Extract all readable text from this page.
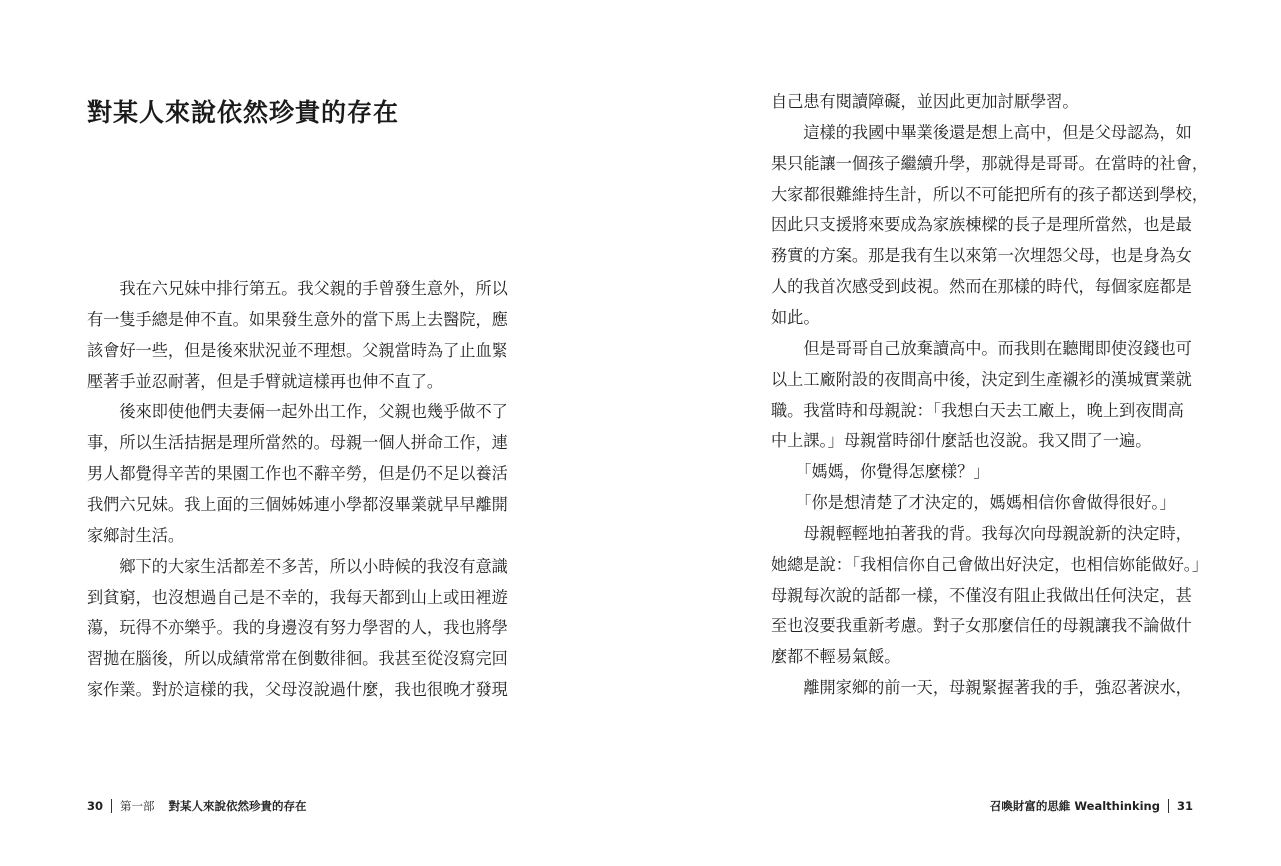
對某人來說依然珍貴的存在

　　我在六兄妹中排行第五。我父親的手曾發生意外，所以

有一隻手總是伸不直。如果發生意外的當下馬上去醫院，應

該會好一些，但是後來狀況並不理想。父親當時為了止血緊

壓著手並忍耐著，但是手臂就這樣再也伸不直了。

　　後來即使他們夫妻倆一起外出工作，父親也幾乎做不了

事，所以生活拮据是理所當然的。母親一個人拼命工作，連

男人都覺得辛苦的果園工作也不辭辛勞，但是仍不足以養活

我們六兄妹。我上面的三個姊姊連小學都沒畢業就早早離開

家鄉討生活。

　　鄉下的大家生活都差不多苦，所以小時候的我沒有意識

到貧窮，也沒想過自己是不幸的，我每天都到山上或田裡遊

蕩，玩得不亦樂乎。我的身邊沒有努力學習的人，我也將學

習拋在腦後，所以成績常常在倒數徘徊。我甚至從沒寫完回

家作業。對於這樣的我，父母沒說過什麼，我也很晚才發現

30 第一部 對某人來說依然珍貴的存在

自己患有閱讀障礙，並因此更加討厭學習。

　　這樣的我國中畢業後還是想上高中，但是父母認為，如

果只能讓一個孩子繼續升學，那就得是哥哥。在當時的社會，

大家都很難維持生計，所以不可能把所有的孩子都送到學校，

因此只支援將來要成為家族棟樑的長子是理所當然，也是最

務實的方案。那是我有生以來第一次埋怨父母，也是身為女

人的我首次感受到歧視。然而在那樣的時代，每個家庭都是

如此。

　　但是哥哥自己放棄讀高中。而我則在聽聞即使沒錢也可

以上工廠附設的夜間高中後，決定到生產襯衫的漢城實業就

職。我當時和母親說：「我想白天去工廠上，晚上到夜間高

中上課。」母親當時卻什麼話也沒說。我又問了一遍。

　　「媽媽，你覺得怎麼樣？」

　　「你是想清楚了才決定的，媽媽相信你會做得很好。」

　　母親輕輕地拍著我的背。我每次向母親說新的決定時，

她總是說：「我相信你自己會做出好決定，也相信妳能做好。」

母親每次說的話都一樣，不僅沒有阻止我做出任何決定，甚

至也沒要我重新考慮。對子女那麼信任的母親讓我不論做什

麼都不輕易氣餒。

　　離開家鄉的前一天，母親緊握著我的手，強忍著淚水，

召喚財富的思維 Wealthinking 31
